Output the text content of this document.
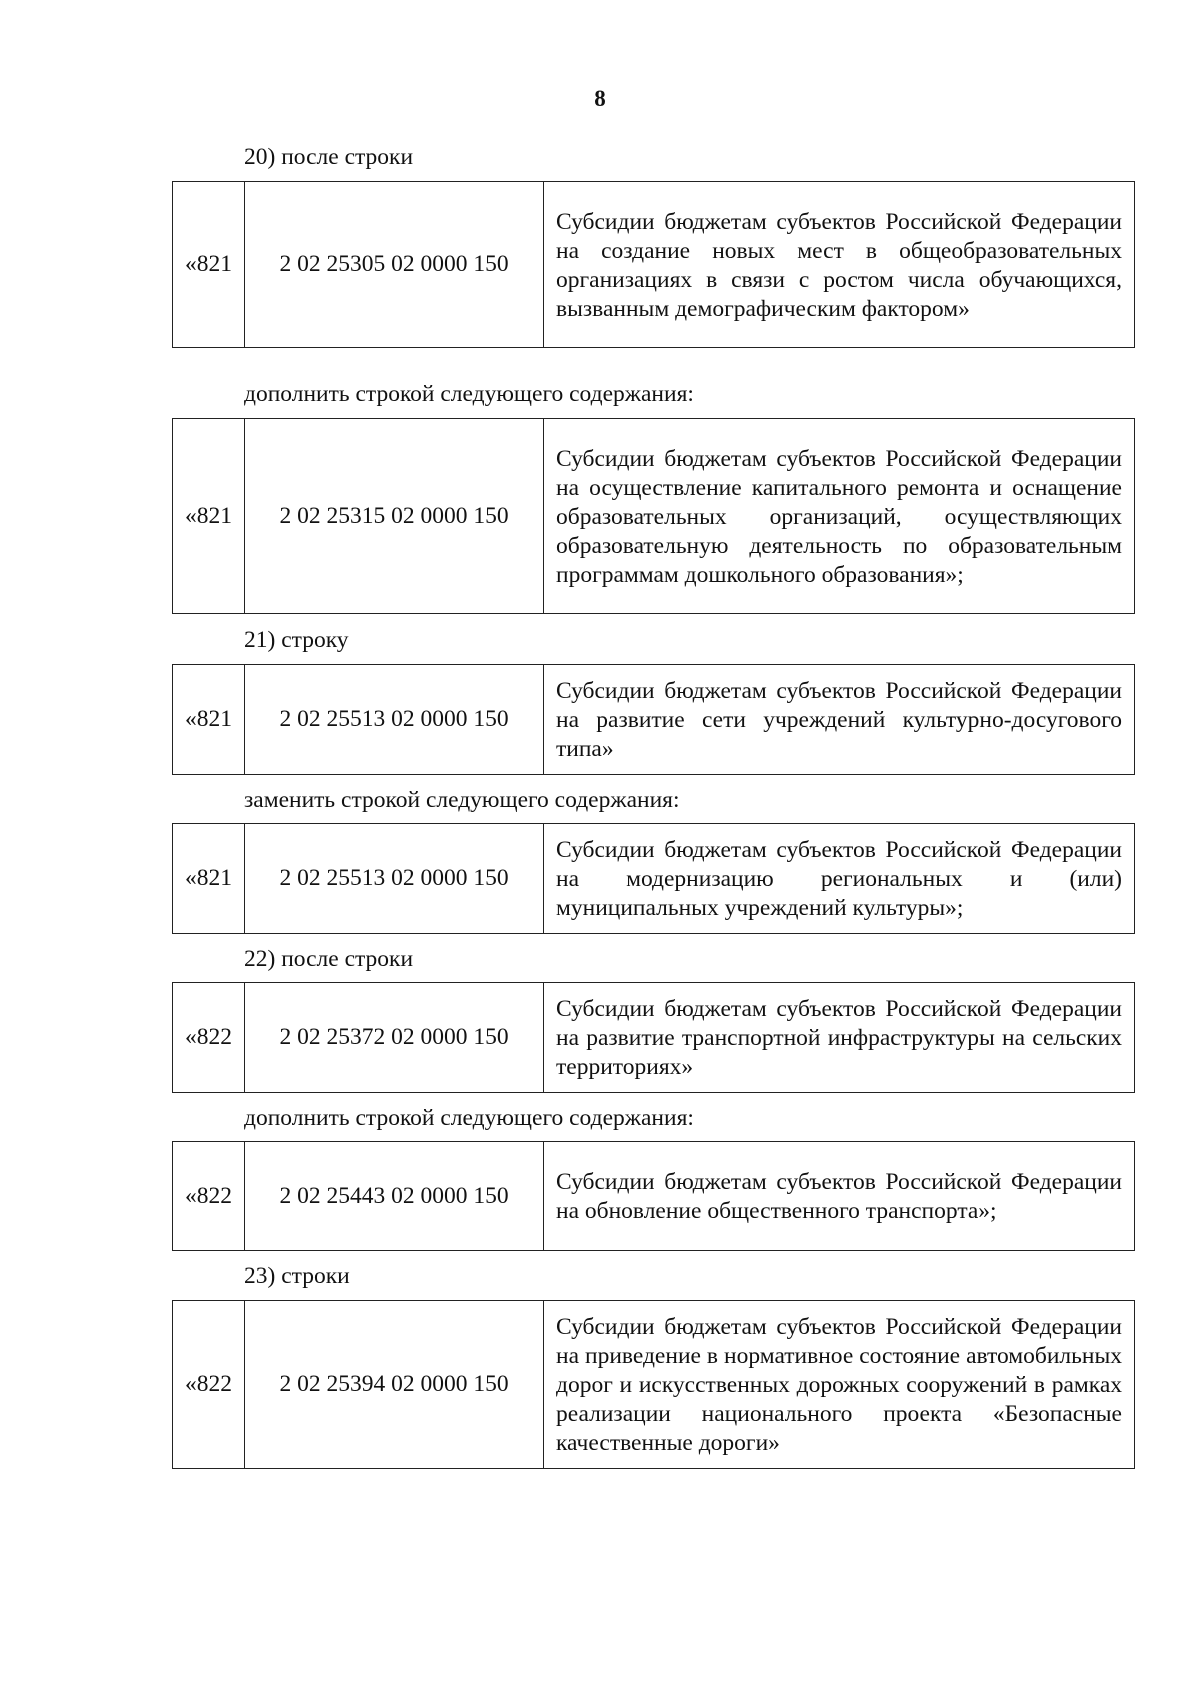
8
20) после строки
«821	2 02 25305 02 0000 150	Субсидии бюджетам субъектов Российской Федерации на создание новых мест в общеобразовательных организациях в связи с ростом числа обучающихся, вызванным демографическим фактором»
дополнить строкой следующего содержания:
«821	2 02 25315 02 0000 150	Субсидии бюджетам субъектов Российской Федерации на осуществление капитального ремонта и оснащение образовательных организаций, осуществляющих образовательную деятельность по образовательным программам дошкольного образования»;
21) строку
«821	2 02 25513 02 0000 150	Субсидии бюджетам субъектов Российской Федерации на развитие сети учреждений культурно-досугового типа»
заменить строкой следующего содержания:
«821	2 02 25513 02 0000 150	Субсидии бюджетам субъектов Российской Федерации на модернизацию региональных и (или) муниципальных учреждений культуры»;
22) после строки
«822	2 02 25372 02 0000 150	Субсидии бюджетам субъектов Российской Федерации на развитие транспортной инфраструктуры на сельских территориях»
дополнить строкой следующего содержания:
«822	2 02 25443 02 0000 150	Субсидии бюджетам субъектов Российской Федерации на обновление общественного транспорта»;
23) строки
«822	2 02 25394 02 0000 150	Субсидии бюджетам субъектов Российской Федерации на приведение в нормативное состояние автомобильных дорог и искусственных дорожных сооружений в рамках реализации национального проекта «Безопасные качественные дороги»
